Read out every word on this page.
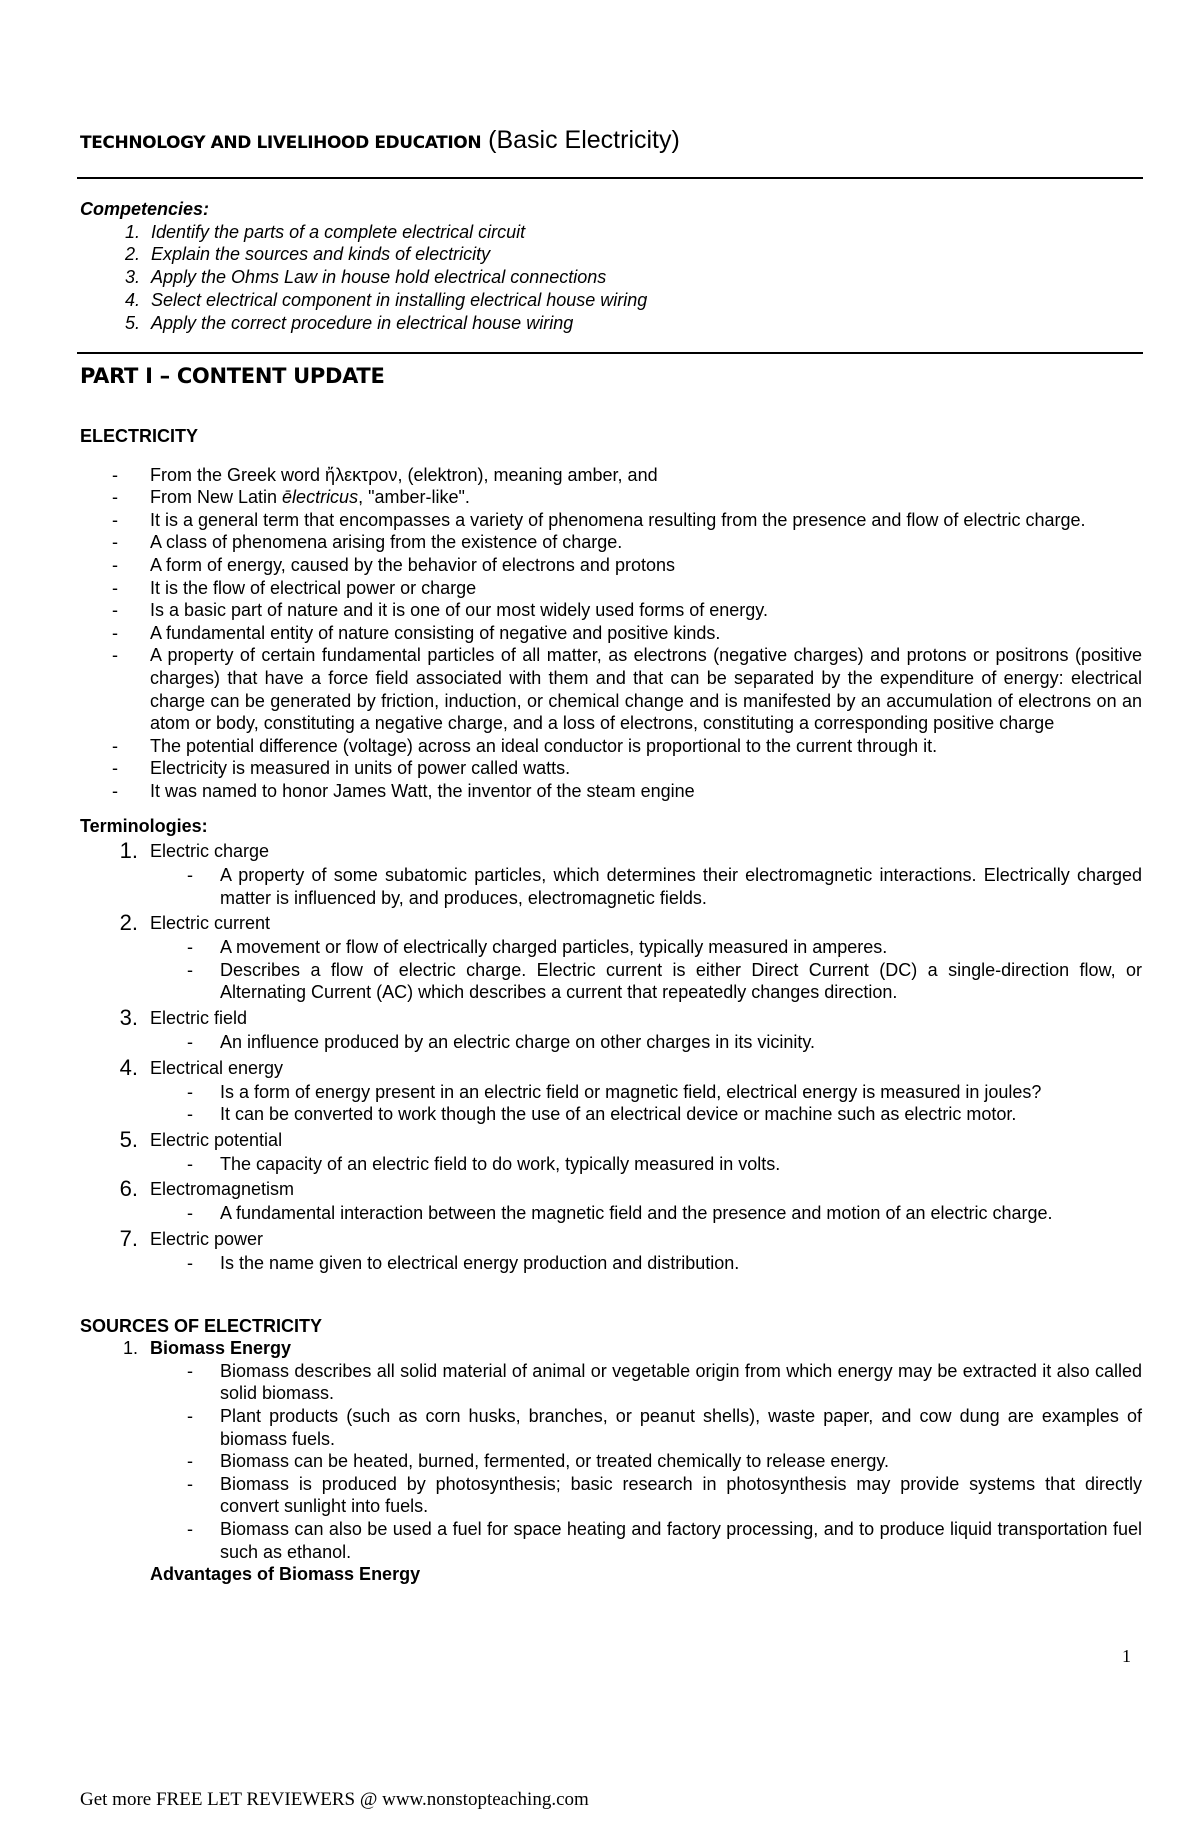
TECHNOLOGY AND LIVELIHOOD EDUCATION (Basic Electricity)
Competencies:
1. Identify the parts of a complete electrical circuit
2. Explain the sources and kinds of electricity
3. Apply the Ohms Law in house hold electrical connections
4. Select electrical component in installing electrical house wiring
5. Apply the correct procedure in electrical house wiring
PART I – CONTENT UPDATE
ELECTRICITY
-	From the Greek word ἤλεκτρον, (elektron), meaning amber, and
-	From New Latin ēlectricus, "amber-like".
-	It is a general term that encompasses a variety of phenomena resulting from the presence and flow of electric charge.
-	A class of phenomena arising from the existence of charge.
-	A form of energy, caused by the behavior of electrons and protons
-	It is the flow of electrical power or charge
-	Is a basic part of nature and it is one of our most widely used forms of energy.
-	A fundamental entity of nature consisting of negative and positive kinds.
-	A property of certain fundamental particles of all matter, as electrons (negative charges) and protons or positrons (positive charges) that have a force field associated with them and that can be separated by the expenditure of energy: electrical charge can be generated by friction, induction, or chemical change and is manifested by an accumulation of electrons on an atom or body, constituting a negative charge, and a loss of electrons, constituting a corresponding positive charge
-	The potential difference (voltage) across an ideal conductor is proportional to the current through it.
-	Electricity is measured in units of power called watts.
-	It was named to honor James Watt, the inventor of the steam engine
Terminologies:
1. Electric charge
-	A property of some subatomic particles, which determines their electromagnetic interactions. Electrically charged matter is influenced by, and produces, electromagnetic fields.
2. Electric current
-	A movement or flow of electrically charged particles, typically measured in amperes.
-	Describes a flow of electric charge. Electric current is either Direct Current (DC) a single-direction flow, or Alternating Current (AC) which describes a current that repeatedly changes direction.
3. Electric field
-	An influence produced by an electric charge on other charges in its vicinity.
4. Electrical energy
-	Is a form of energy present in an electric field or magnetic field, electrical energy is measured in joules?
-	It can be converted to work though the use of an electrical device or machine such as electric motor.
5. Electric potential
-	The capacity of an electric field to do work, typically measured in volts.
6. Electromagnetism
-	A fundamental interaction between the magnetic field and the presence and motion of an electric charge.
7. Electric power
-	Is the name given to electrical energy production and distribution.
SOURCES OF ELECTRICITY
1. Biomass Energy
-	Biomass describes all solid material of animal or vegetable origin from which energy may be extracted it also called solid biomass.
-	Plant products (such as corn husks, branches, or peanut shells), waste paper, and cow dung are examples of biomass fuels.
-	Biomass can be heated, burned, fermented, or treated chemically to release energy.
-	Biomass is produced by photosynthesis; basic research in photosynthesis may provide systems that directly convert sunlight into fuels.
-	Biomass can also be used a fuel for space heating and factory processing, and to produce liquid transportation fuel such as ethanol.
Advantages of Biomass Energy
1
Get more FREE LET REVIEWERS @ www.nonstopteaching.com
